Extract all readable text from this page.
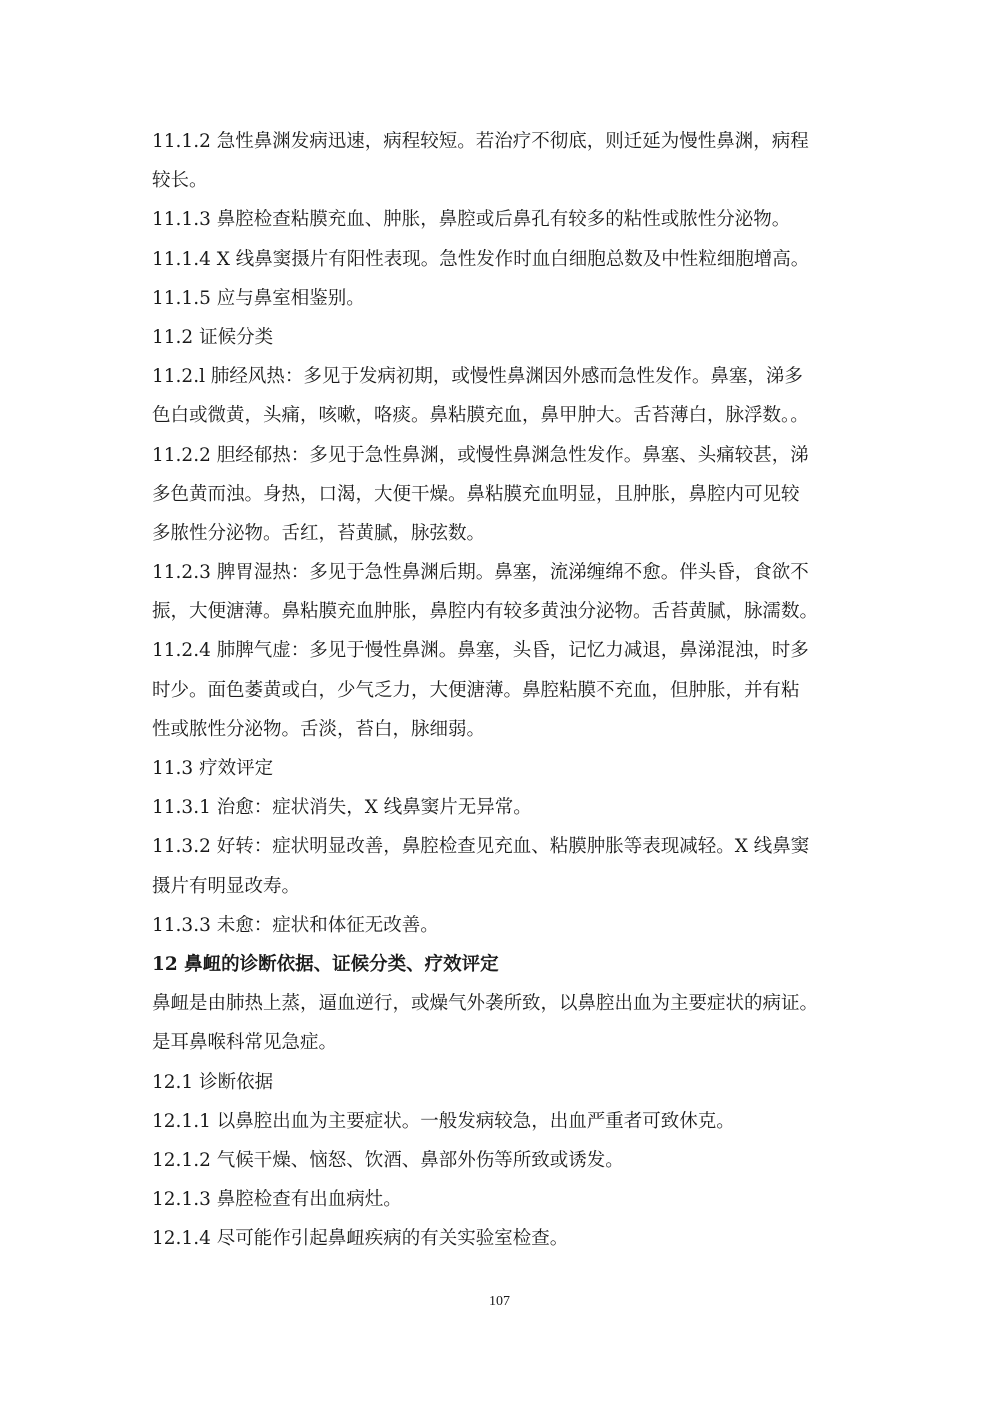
11.1.2 急性鼻渊发病迅速，病程较短。若治疗不彻底，则迁延为慢性鼻渊，病程
较长。
11.1.3 鼻腔检查粘膜充血、肿胀，鼻腔或后鼻孔有较多的粘性或脓性分泌物。
11.1.4 X 线鼻窦摄片有阳性表现。急性发作时血白细胞总数及中性粒细胞增高。
11.1.5 应与鼻室相鉴别。
11.2 证候分类
11.2.l 肺经风热：多见于发病初期，或慢性鼻渊因外感而急性发作。鼻塞，涕多
色白或微黄，头痛，咳嗽，咯痰。鼻粘膜充血，鼻甲肿大。舌苔薄白，脉浮数。。
11.2.2 胆经郁热：多见于急性鼻渊，或慢性鼻渊急性发作。鼻塞、头痛较甚，涕
多色黄而浊。身热，口渴，大便干燥。鼻粘膜充血明显，且肿胀，鼻腔内可见较
多脓性分泌物。舌红，苔黄腻，脉弦数。
11.2.3 脾胃湿热：多见于急性鼻渊后期。鼻塞，流涕缠绵不愈。伴头昏，食欲不
振，大便溏薄。鼻粘膜充血肿胀，鼻腔内有较多黄浊分泌物。舌苔黄腻，脉濡数。
11.2.4 肺脾气虚：多见于慢性鼻渊。鼻塞，头昏，记忆力减退，鼻涕混浊，时多
时少。面色萎黄或白，少气乏力，大便溏薄。鼻腔粘膜不充血，但肿胀，并有粘
性或脓性分泌物。舌淡，苔白，脉细弱。
11.3 疗效评定
11.3.1 治愈：症状消失，X 线鼻窦片无异常。
11.3.2 好转：症状明显改善，鼻腔检查见充血、粘膜肿胀等表现减轻。X 线鼻窦
摄片有明显改寿。
11.3.3 未愈：症状和体征无改善。
12 鼻衄的诊断依据、证候分类、疗效评定
鼻衄是由肺热上蒸，逼血逆行，或燥气外袭所致，以鼻腔出血为主要症状的病证。
是耳鼻喉科常见急症。
12.1 诊断依据
12.1.1 以鼻腔出血为主要症状。一般发病较急，出血严重者可致休克。
12.1.2 气候干燥、恼怒、饮酒、鼻部外伤等所致或诱发。
12.1.3 鼻腔检查有出血病灶。
12.1.4 尽可能作引起鼻衄疾病的有关实验室检查。
107
